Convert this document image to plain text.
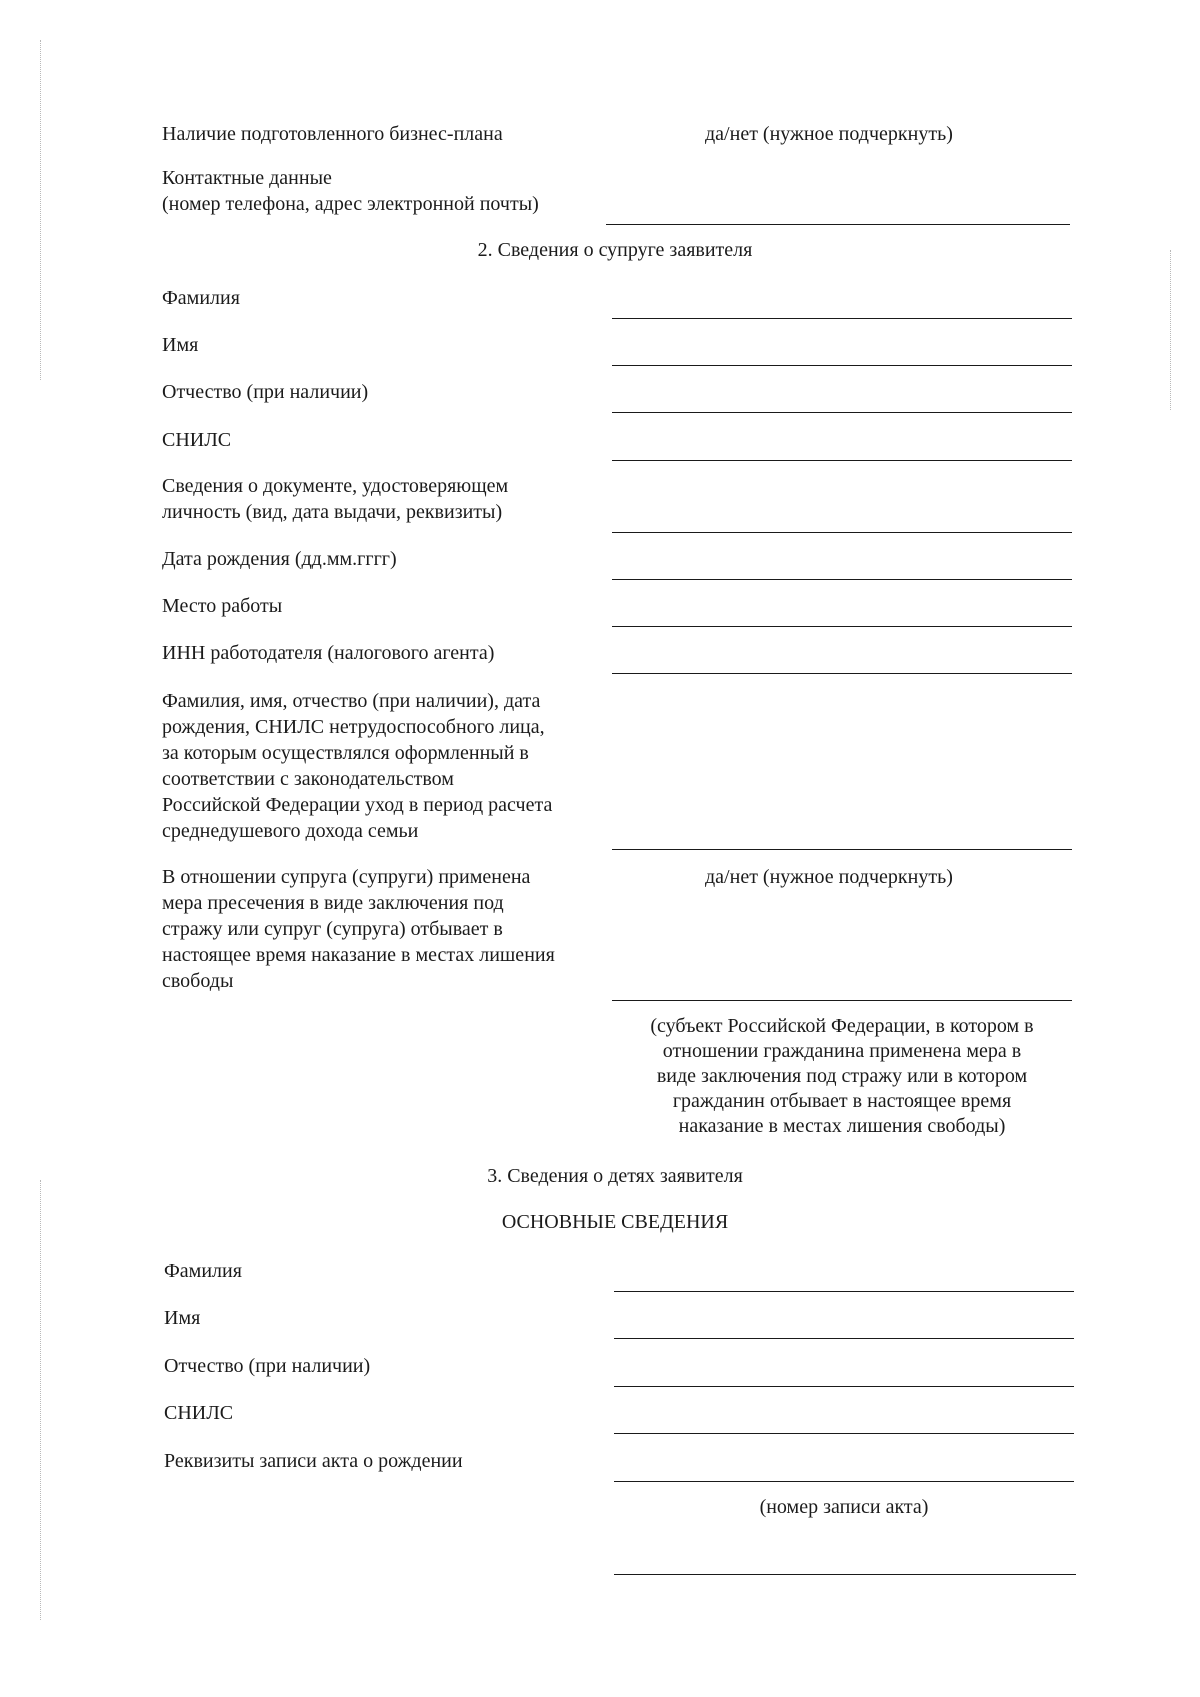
Наличие подготовленного бизнес-плана	да/нет (нужное подчеркнуть)
Контактные данные
(номер телефона, адрес электронной почты)
2. Сведения о супруге заявителя
Фамилия
Имя
Отчество (при наличии)
СНИЛС
Сведения о документе, удостоверяющем
личность (вид, дата выдачи, реквизиты)
Дата рождения (дд.мм.гггг)
Место работы
ИНН работодателя (налогового агента)
Фамилия, имя, отчество (при наличии), дата
рождения, СНИЛС нетрудоспособного лица,
за которым осуществлялся оформленный в
соответствии с законодательством
Российской Федерации уход в период расчета
среднедушевого дохода семьи
В отношении супруга (супруги) применена
мера пресечения в виде заключения под
стражу или супруг (супруга) отбывает в
настоящее время наказание в местах лишения
свободы
да/нет (нужное подчеркнуть)
(субъект Российской Федерации, в котором в
отношении гражданина применена мера в
виде заключения под стражу или в котором
гражданин отбывает в настоящее время
наказание в местах лишения свободы)
3. Сведения о детях заявителя
ОСНОВНЫЕ СВЕДЕНИЯ
Фамилия
Имя
Отчество (при наличии)
СНИЛС
Реквизиты записи акта о рождении
(номер записи акта)
